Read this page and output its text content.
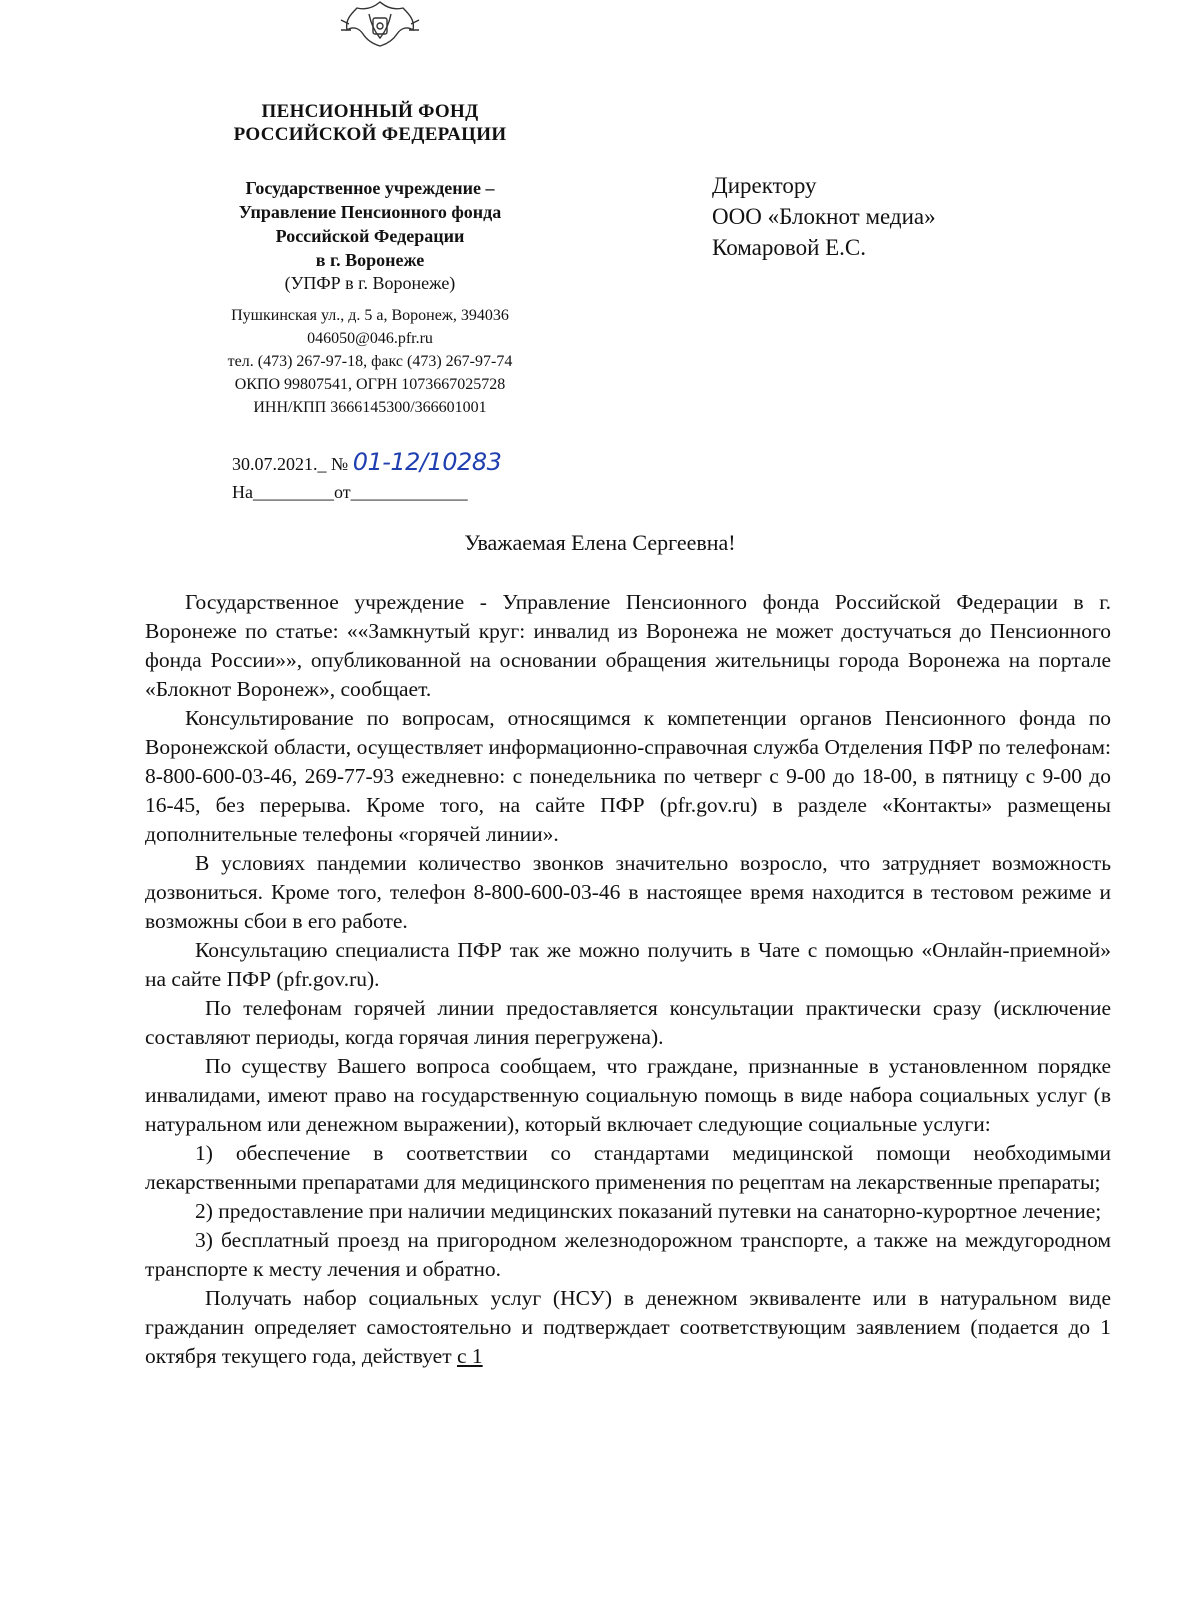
ПЕНСИОННЫЙ ФОНД
РОССИЙСКОЙ ФЕДЕРАЦИИ
Государственное учреждение –
Управление Пенсионного фонда
Российской Федерации
в г. Воронеже
(УПФР в г. Воронеже)
Пушкинская ул., д. 5 а, Воронеж, 394036
046050@046.pfr.ru
тел. (473) 267-97-18, факс (473) 267-97-74
ОКПО 99807541, ОГРН 1073667025728
ИНН/КПП 3666145300/366601001
30.07.2021._ № 01-12/10283
На_________от_____________
Директору
ООО «Блокнот медиа»
Комаровой Е.С.
Уважаемая Елена Сергеевна!

Государственное учреждение - Управление Пенсионного фонда Российской Федерации в г. Воронеже по статье: ««Замкнутый круг: инвалид из Воронежа не может достучаться до Пенсионного фонда России»», опубликованной на основании обращения жительницы города Воронежа на портале «Блокнот Воронеж», сообщает.

Консультирование по вопросам, относящимся к компетенции органов Пенсионного фонда по Воронежской области, осуществляет информационно-справочная служба Отделения ПФР по телефонам: 8-800-600-03-46, 269-77-93 ежедневно: с понедельника по четверг с 9-00 до 18-00, в пятницу с 9-00 до 16-45, без перерыва. Кроме того, на сайте ПФР (pfr.gov.ru) в разделе «Контакты» размещены дополнительные телефоны «горячей линии».

В условиях пандемии количество звонков значительно возросло, что затрудняет возможность дозвониться. Кроме того, телефон 8-800-600-03-46 в настоящее время находится в тестовом режиме и возможны сбои в его работе.

Консультацию специалиста ПФР так же можно получить в Чате с помощью «Онлайн-приемной» на сайте ПФР (pfr.gov.ru).

По телефонам горячей линии предоставляется консультации практически сразу (исключение составляют периоды, когда горячая линия перегружена).

По существу Вашего вопроса сообщаем, что граждане, признанные в установленном порядке инвалидами, имеют право на государственную социальную помощь в виде набора социальных услуг (в натуральном или денежном выражении), который включает следующие социальные услуги:

1) обеспечение в соответствии со стандартами медицинской помощи необходимыми лекарственными препаратами для медицинского применения по рецептам на лекарственные препараты;

2) предоставление при наличии медицинских показаний путевки на санаторно-курортное лечение;

3) бесплатный проезд на пригородном железнодорожном транспорте, а также на междугородном транспорте к месту лечения и обратно.

Получать набор социальных услуг (НСУ) в денежном эквиваленте или в натуральном виде гражданин определяет самостоятельно и подтверждает соответствующим заявлением (подается до 1 октября текущего года, действует с 1
